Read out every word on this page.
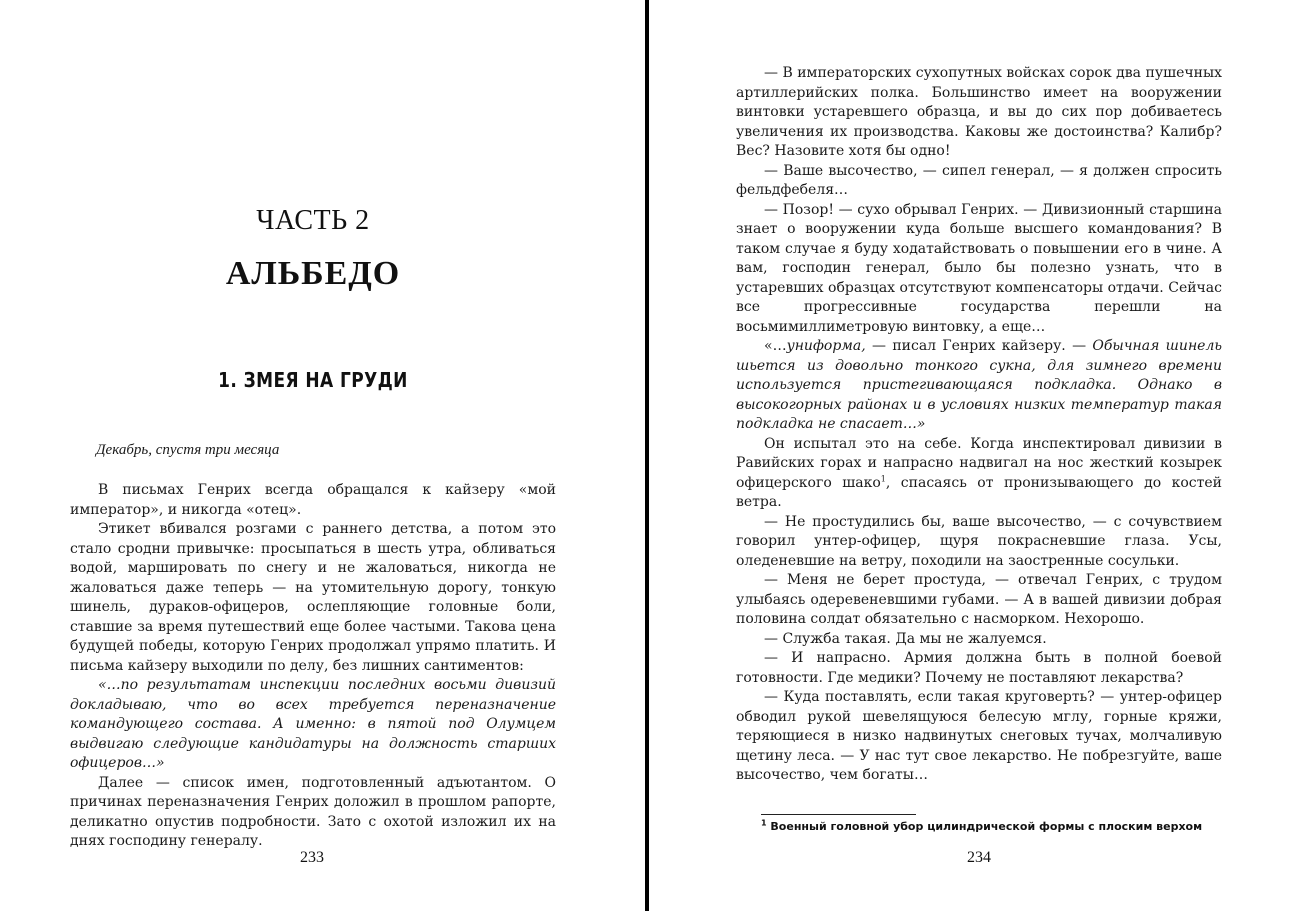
ЧАСТЬ 2
АЛЬБЕДО
1. ЗМЕЯ НА ГРУДИ
Декабрь, спустя три месяца

В письмах Генрих всегда обращался к кайзеру «мой император», и никогда «отец».

Этикет вбивался розгами с раннего детства, а потом это стало сродни привычке: просыпаться в шесть утра, обливаться водой, маршировать по снегу и не жаловаться, никогда не жаловаться даже теперь — на утомительную дорогу, тонкую шинель, дураков-офицеров, ослепляющие головные боли, ставшие за время путешествий еще более частыми. Такова цена будущей победы, которую Генрих продолжал упрямо платить. И письма кайзеру выходили по делу, без лишних сантиментов:

«…по результатам инспекции последних восьми дивизий докладываю, что во всех требуется переназначение командующего состава. А именно: в пятой под Олумцем выдвигаю следующие кандидатуры на должность старших офицеров…»

Далее — список имен, подготовленный адъютантом. О причинах переназначения Генрих доложил в прошлом рапорте, деликатно опустив подробности. Зато с охотой изложил их на днях господину генералу.

233

— В императорских сухопутных войсках сорок два пушечных артиллерийских полка. Большинство имеет на вооружении винтовки устаревшего образца, и вы до сих пор добиваетесь увеличения их производства. Каковы же достоинства? Калибр? Вес? Назовите хотя бы одно!

— Ваше высочество, — сипел генерал, — я должен спросить фельдфебеля…

— Позор! — сухо обрывал Генрих. — Дивизионный старшина знает о вооружении куда больше высшего командования? В таком случае я буду ходатайствовать о повышении его в чине. А вам, господин генерал, было бы полезно узнать, что в устаревших образцах отсутствуют компенсаторы отдачи. Сейчас все прогрессивные государства перешли на восьмимиллиметровую винтовку, а еще…

«…униформа, — писал Генрих кайзеру. — Обычная шинель шьется из довольно тонкого сукна, для зимнего времени используется пристегивающаяся подкладка. Однако в высокогорных районах и в условиях низких температур такая подкладка не спасает…»

Он испытал это на себе. Когда инспектировал дивизии в Равийских горах и напрасно надвигал на нос жесткий козырек офицерского шако$^1$, спасаясь от пронизывающего до костей ветра.

— Не простудились бы, ваше высочество, — с сочувствием говорил унтер-офицер, щуря покрасневшие глаза. Усы, оледеневшие на ветру, походили на заостренные сосульки.

— Меня не берет простуда, — отвечал Генрих, с трудом улыбаясь одеревеневшими губами. — А в вашей дивизии добрая половина солдат обязательно с насморком. Нехорошо.

— Служба такая. Да мы не жалуемся.

— И напрасно. Армия должна быть в полной боевой готовности. Где медики? Почему не поставляют лекарства?

— Куда поставлять, если такая круговерть? — унтер-офицер обводил рукой шевелящуюся белесую мглу, горные кряжи, теряющиеся в низко надвинутых снеговых тучах, молчаливую щетину леса. — У нас тут свое лекарство. Не побрезгуйте, ваше высочество, чем богаты…

$^1$ Военный головной убор цилиндрической формы с плоским верхом
234
